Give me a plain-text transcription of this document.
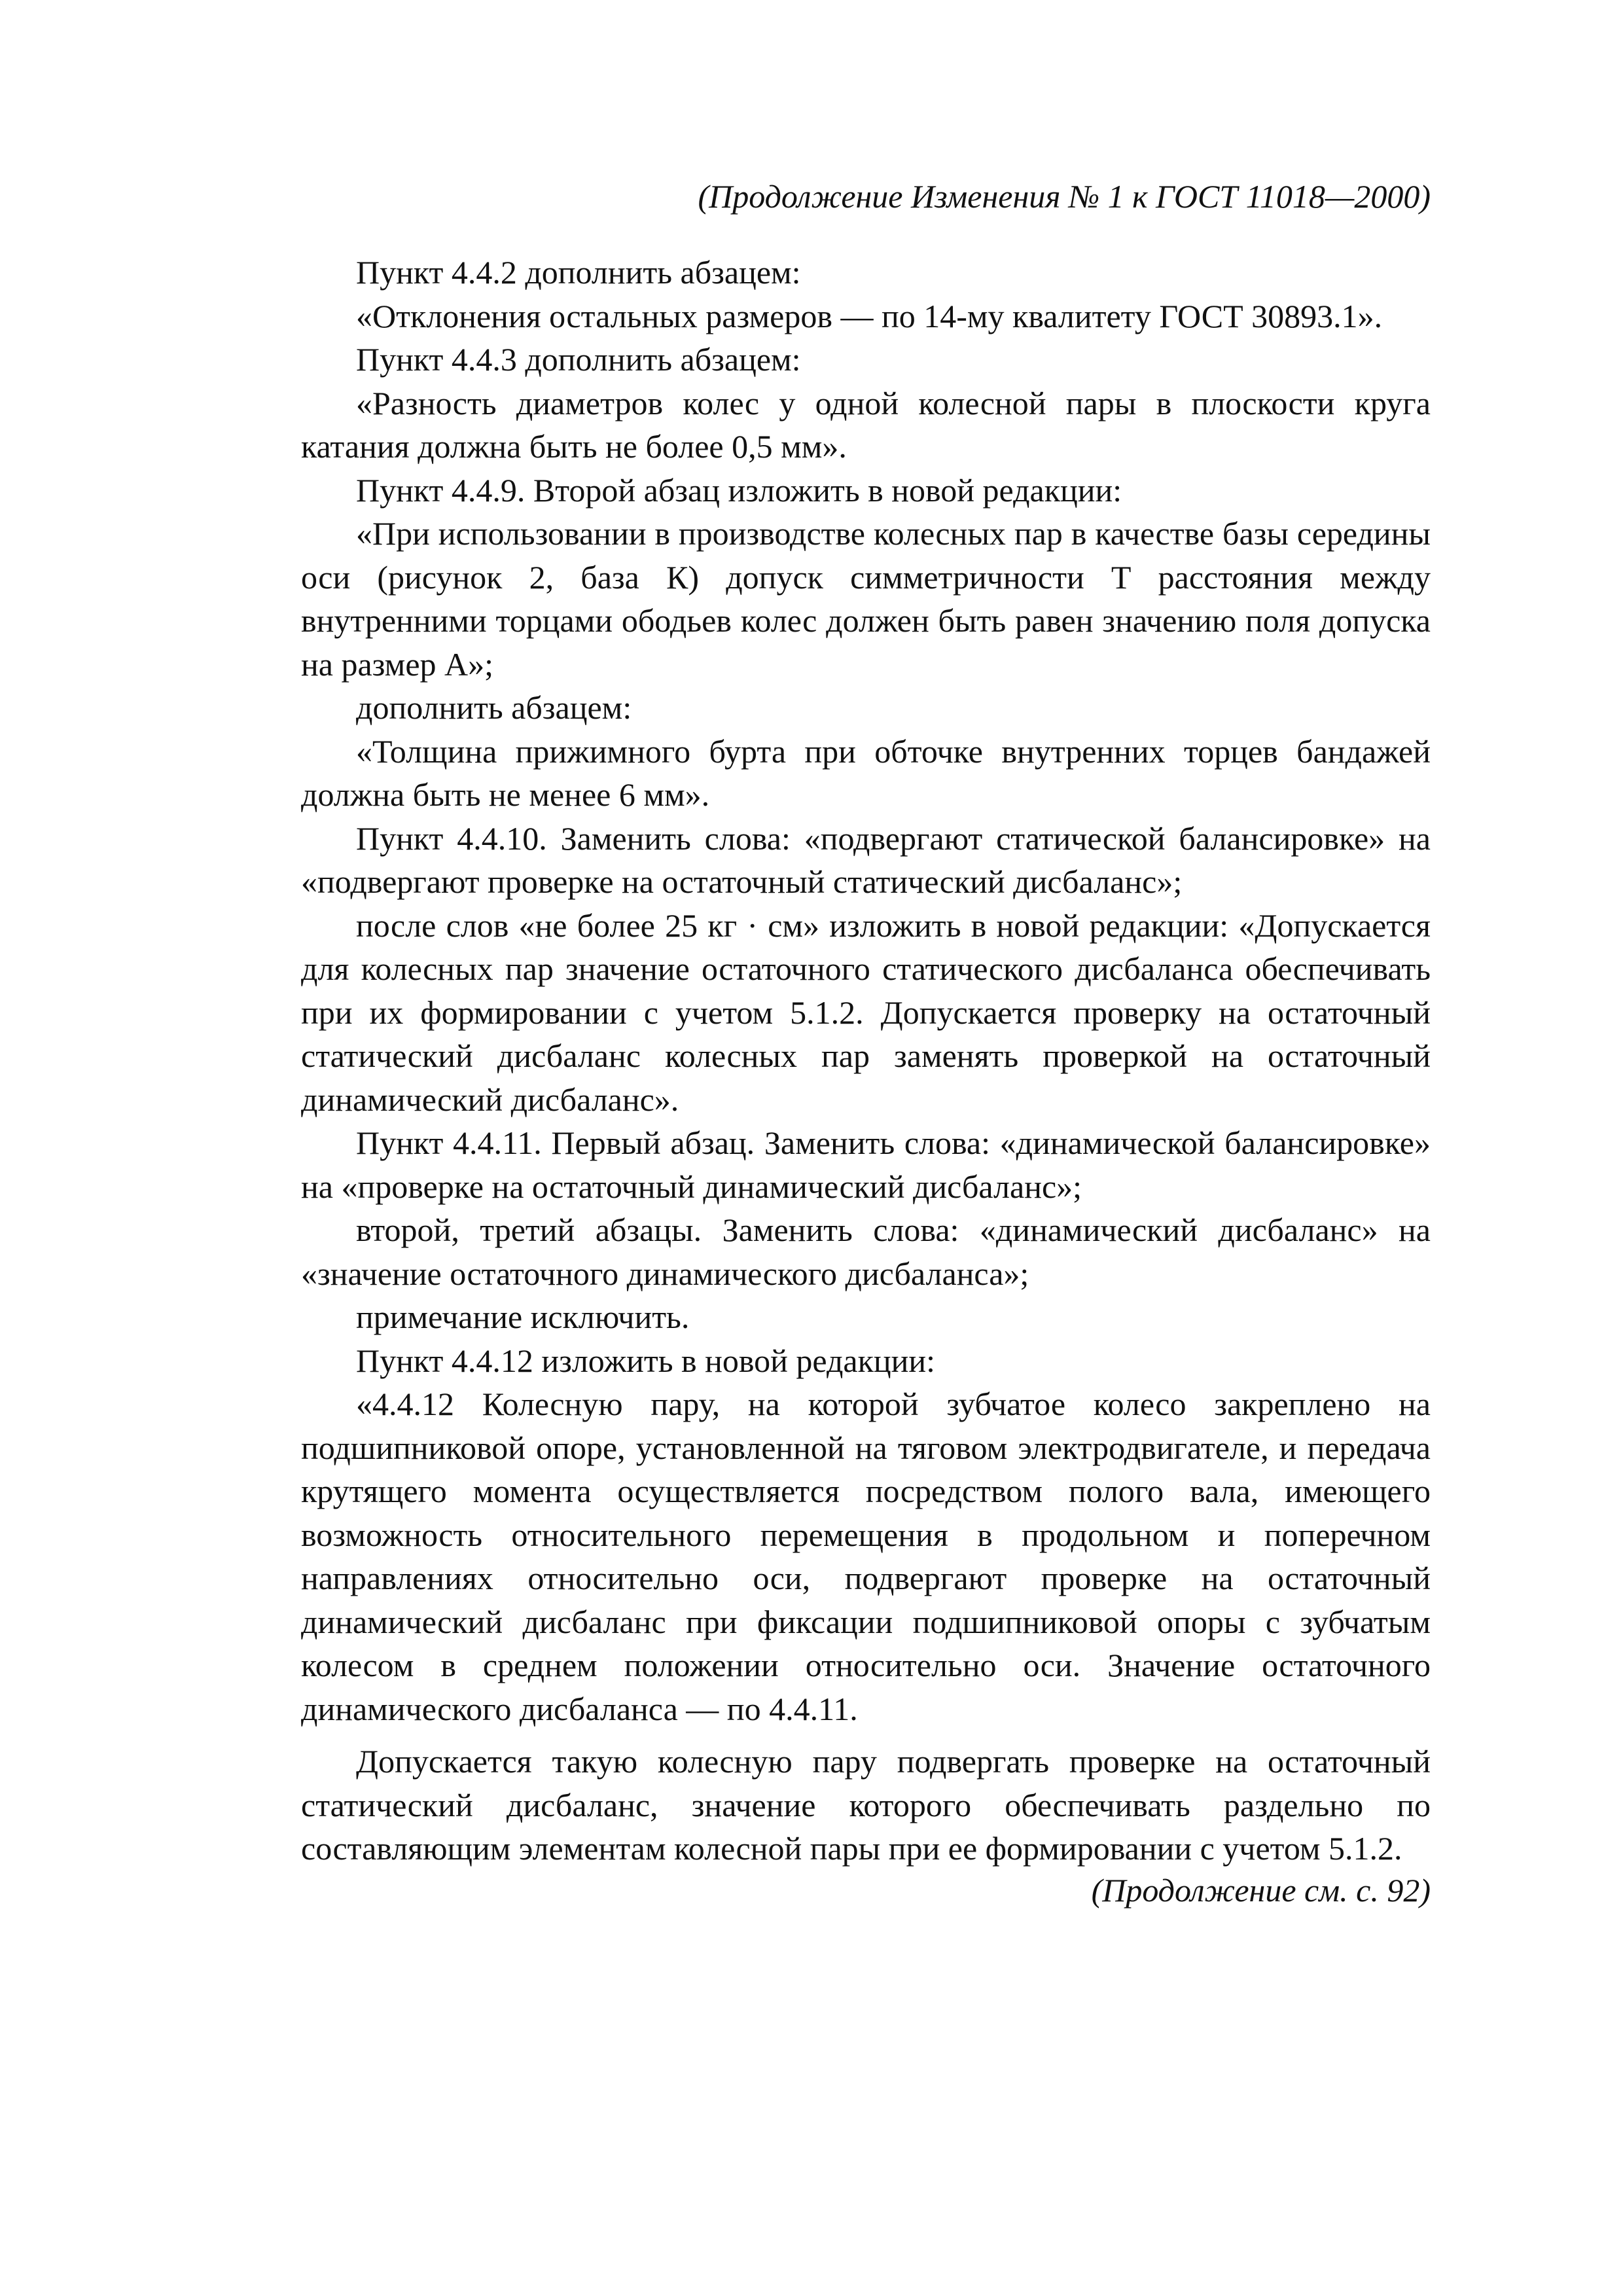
(Продолжение Изменения № 1 к ГОСТ 11018—2000)

Пункт 4.4.2 дополнить абзацем:

«Отклонения остальных размеров — по 14-му квалитету ГОСТ 30893.1».

Пункт 4.4.3 дополнить абзацем:

«Разность диаметров колес у одной колесной пары в плоскости круга катания должна быть не более 0,5 мм».

Пункт 4.4.9. Второй абзац изложить в новой редакции:

«При использовании в производстве колесных пар в качестве базы середины оси (рисунок 2, база К) допуск симметричности Т расстояния между внутренними торцами ободьев колес должен быть равен значению поля допуска на размер А»;

дополнить абзацем:

«Толщина прижимного бурта при обточке внутренних торцев бандажей должна быть не менее 6 мм».

Пункт 4.4.10. Заменить слова: «подвергают статической балансировке» на «подвергают проверке на остаточный статический дисбаланс»;

после слов «не более 25 кг · см» изложить в новой редакции: «Допускается для колесных пар значение остаточного статического дисбаланса обеспечивать при их формировании с учетом 5.1.2. Допускается проверку на остаточный статический дисбаланс колесных пар заменять проверкой на остаточный динамический дисбаланс».

Пункт 4.4.11. Первый абзац. Заменить слова: «динамической балансировке» на «проверке на остаточный динамический дисбаланс»;

второй, третий абзацы. Заменить слова: «динамический дисбаланс» на «значение остаточного динамического дисбаланса»;

примечание исключить.

Пункт 4.4.12 изложить в новой редакции:

«4.4.12 Колесную пару, на которой зубчатое колесо закреплено на подшипниковой опоре, установленной на тяговом электродвигателе, и передача крутящего момента осуществляется посредством полого вала, имеющего возможность относительного перемещения в продольном и поперечном направлениях относительно оси, подвергают проверке на остаточный динамический дисбаланс при фиксации подшипниковой опоры с зубчатым колесом в среднем положении относительно оси. Значение остаточного динамического дисбаланса — по 4.4.11.

Допускается такую колесную пару подвергать проверке на остаточный статический дисбаланс, значение которого обеспечивать раздельно по составляющим элементам колесной пары при ее формировании с учетом 5.1.2.

(Продолжение см. с. 92)
